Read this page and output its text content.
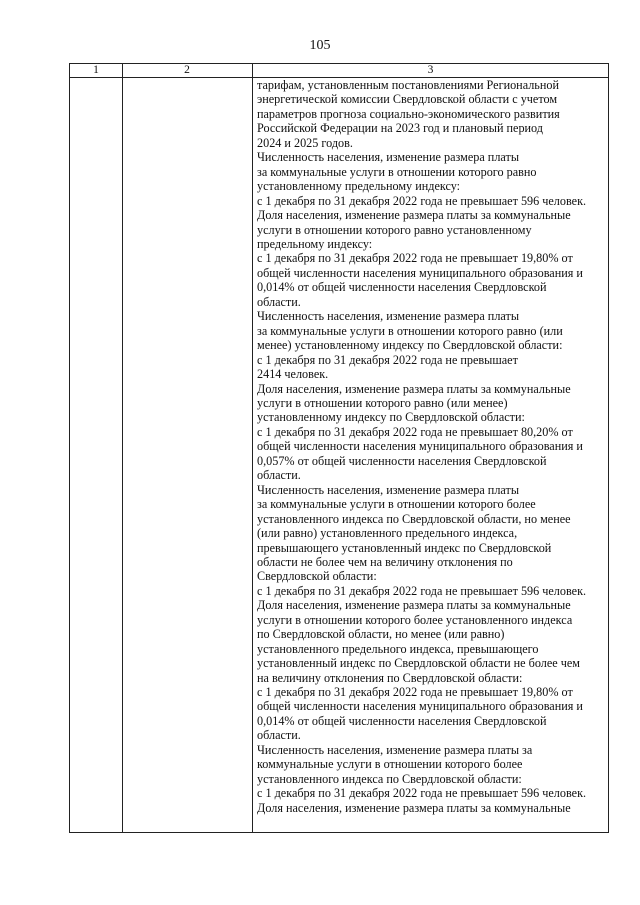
105
1	2	3
тарифам, установленным постановлениями Региональной
энергетической комиссии Свердловской области с учетом
параметров прогноза социально-экономического развития
Российской Федерации на 2023 год и плановый период
2024 и 2025 годов.
Численность населения, изменение размера платы
за коммунальные услуги в отношении которого равно
установленному предельному индексу:
с 1 декабря по 31 декабря 2022 года не превышает 596 человек.
Доля населения, изменение размера платы за коммунальные
услуги в отношении которого равно установленному
предельному индексу:
с 1 декабря по 31 декабря 2022 года не превышает 19,80% от
общей численности населения муниципального образования и
0,014% от общей численности населения Свердловской
области.
Численность населения, изменение размера платы
за коммунальные услуги в отношении которого равно (или
менее) установленному индексу по Свердловской области:
с 1 декабря по 31 декабря 2022 года не превышает
2414 человек.
Доля населения, изменение размера платы за коммунальные
услуги в отношении которого равно (или менее)
установленному индексу по Свердловской области:
с 1 декабря по 31 декабря 2022 года не превышает 80,20% от
общей численности населения муниципального образования и
0,057% от общей численности населения Свердловской
области.
Численность населения, изменение размера платы
за коммунальные услуги в отношении которого более
установленного индекса по Свердловской области, но менее
(или равно) установленного предельного индекса,
превышающего установленный индекс по Свердловской
области не более чем на величину отклонения по
Свердловской области:
с 1 декабря по 31 декабря 2022 года не превышает 596 человек.
Доля населения, изменение размера платы за коммунальные
услуги в отношении которого более установленного индекса
по Свердловской области, но менее (или равно)
установленного предельного индекса, превышающего
установленный индекс по Свердловской области не более чем
на величину отклонения по Свердловской области:
с 1 декабря по 31 декабря 2022 года не превышает 19,80% от
общей численности населения муниципального образования и
0,014% от общей численности населения Свердловской
области.
Численность населения, изменение размера платы за
коммунальные услуги в отношении которого более
установленного индекса по Свердловской области:
с 1 декабря по 31 декабря 2022 года не превышает 596 человек.
Доля населения, изменение размера платы за коммунальные
